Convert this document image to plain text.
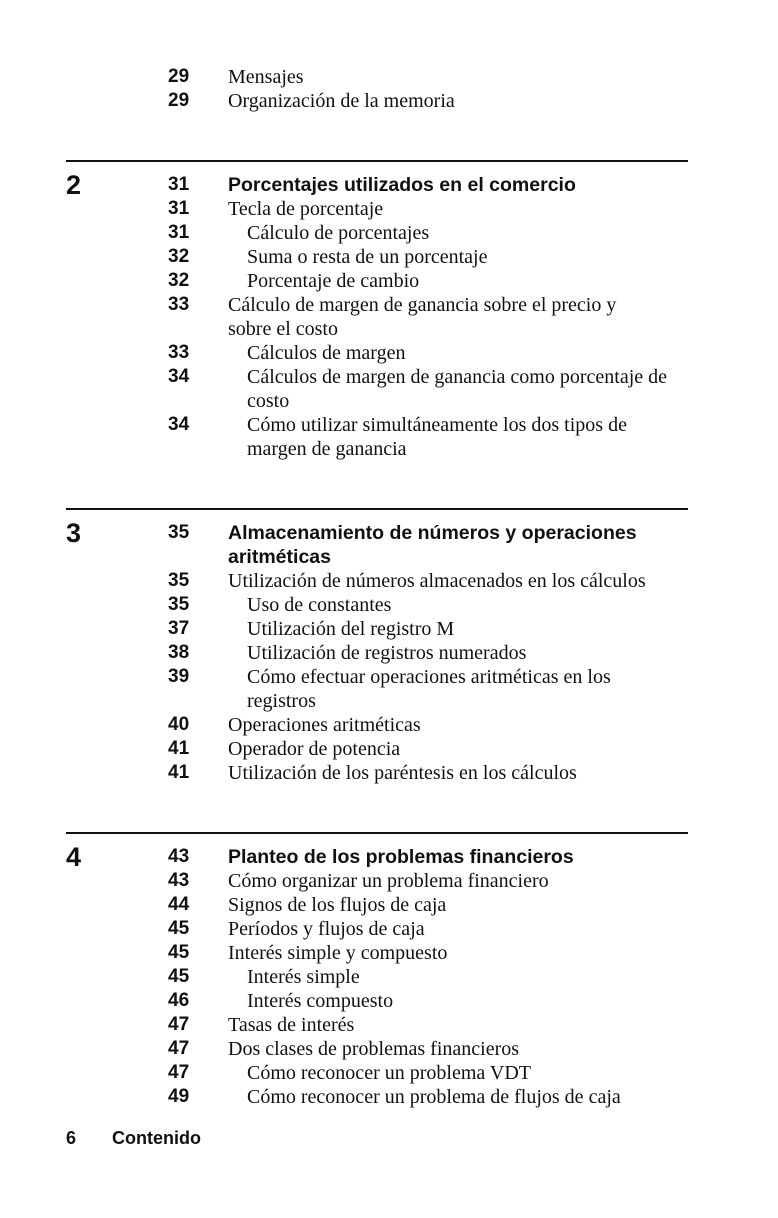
29	Mensajes
29	Organización de la memoria
2	31	Porcentajes utilizados en el comercio
31	Tecla de porcentaje
31	Cálculo de porcentajes
32	Suma o resta de un porcentaje
32	Porcentaje de cambio
33	Cálculo de margen de ganancia sobre el precio y sobre el costo
33	Cálculos de margen
34	Cálculos de margen de ganancia como porcentaje de costo
34	Cómo utilizar simultáneamente los dos tipos de margen de ganancia
3	35	Almacenamiento de números y operaciones aritméticas
35	Utilización de números almacenados en los cálculos
35	Uso de constantes
37	Utilización del registro M
38	Utilización de registros numerados
39	Cómo efectuar operaciones aritméticas en los registros
40	Operaciones aritméticas
41	Operador de potencia
41	Utilización de los paréntesis en los cálculos
4	43	Planteo de los problemas financieros
43	Cómo organizar un problema financiero
44	Signos de los flujos de caja
45	Períodos y flujos de caja
45	Interés simple y compuesto
45	Interés simple
46	Interés compuesto
47	Tasas de interés
47	Dos clases de problemas financieros
47	Cómo reconocer un problema VDT
49	Cómo reconocer un problema de flujos de caja
6 Contenido
